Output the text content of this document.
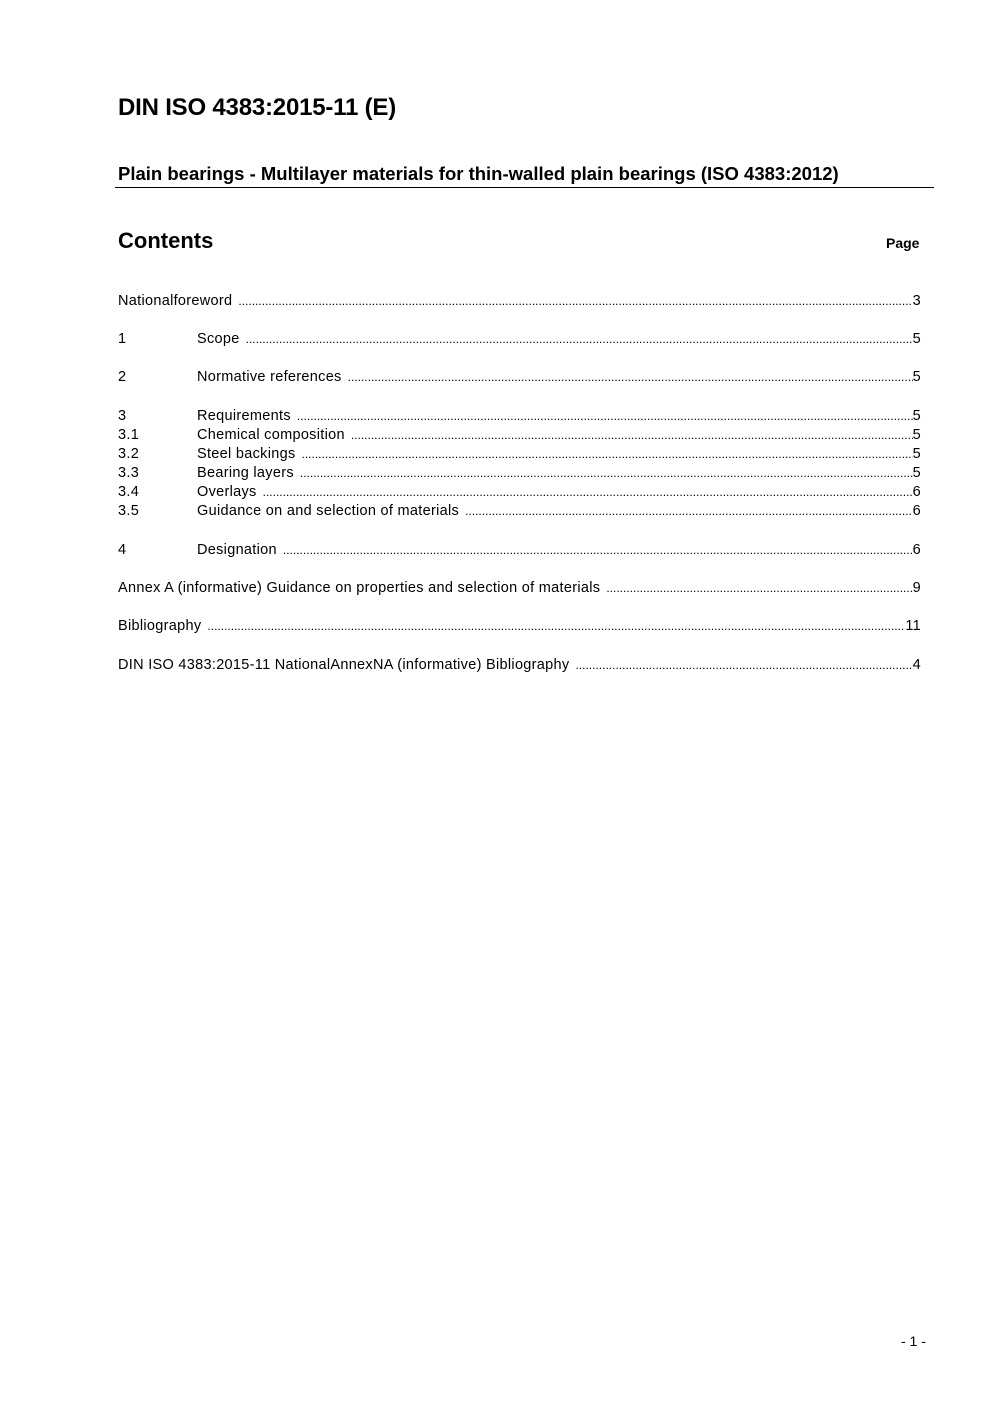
DIN ISO 4383:2015-11 (E)
Plain bearings - Multilayer materials for thin-walled plain bearings (ISO 4383:2012)
Contents	Page
Nationalforeword .....	3
1	Scope .....	5
2	Normative references .....	5
3	Requirements .....	5
3.1	Chemical composition .....	5
3.2	Steel backings .....	5
3.3	Bearing layers .....	5
3.4	Overlays .....	6
3.5	Guidance on and selection of materials .....	6
4	Designation .....	6
Annex A (informative) Guidance on properties and selection of materials .....	9
Bibliography .....	11
DIN ISO 4383:2015-11 NationalAnnexNA (informative) Bibliography .....	4
- 1 -
